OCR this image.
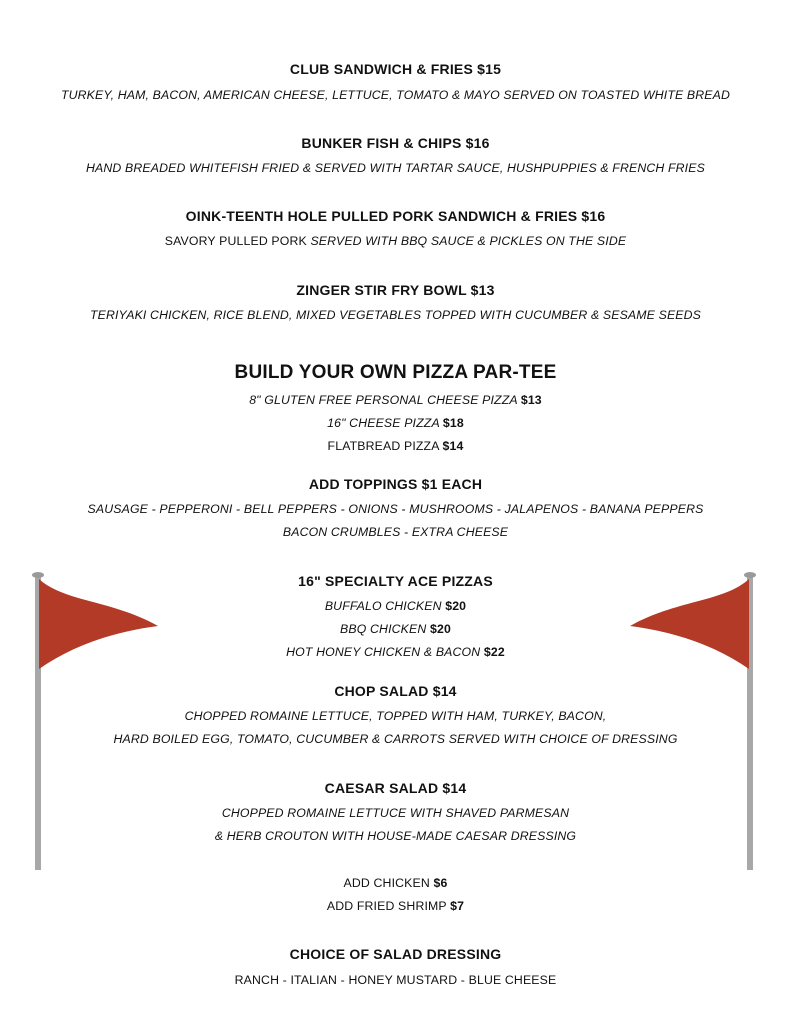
CLUB SANDWICH & FRIES $15
TURKEY, HAM, BACON, AMERICAN CHEESE, LETTUCE, TOMATO & MAYO SERVED ON TOASTED WHITE BREAD
BUNKER FISH & CHIPS $16
HAND BREADED WHITEFISH FRIED & SERVED WITH TARTAR SAUCE, HUSHPUPPIES & FRENCH FRIES
OINK-TEENTH HOLE PULLED PORK SANDWICH & FRIES $16
SAVORY PULLED PORK SERVED WITH BBQ SAUCE & PICKLES ON THE SIDE
ZINGER STIR FRY BOWL $13
TERIYAKI CHICKEN, RICE BLEND, MIXED VEGETABLES TOPPED WITH CUCUMBER & SESAME SEEDS
BUILD YOUR OWN PIZZA PAR-TEE
8" GLUTEN FREE PERSONAL CHEESE PIZZA $13
16" CHEESE PIZZA $18
FLATBREAD PIZZA $14
ADD TOPPINGS $1 EACH
SAUSAGE - PEPPERONI - BELL PEPPERS - ONIONS - MUSHROOMS - JALAPENOS - BANANA PEPPERS
BACON CRUMBLES - EXTRA CHEESE
16" SPECIALTY ACE PIZZAS
BUFFALO CHICKEN $20
BBQ CHICKEN $20
HOT HONEY CHICKEN & BACON $22
CHOP SALAD $14
CHOPPED ROMAINE LETTUCE, TOPPED WITH HAM, TURKEY, BACON,
HARD BOILED EGG, TOMATO, CUCUMBER & CARROTS SERVED WITH CHOICE OF DRESSING
CAESAR SALAD $14
CHOPPED ROMAINE LETTUCE WITH SHAVED PARMESAN
& HERB CROUTON WITH HOUSE-MADE CAESAR DRESSING
ADD CHICKEN $6
ADD FRIED SHRIMP $7
CHOICE OF SALAD DRESSING
RANCH - ITALIAN - HONEY MUSTARD - BLUE CHEESE
